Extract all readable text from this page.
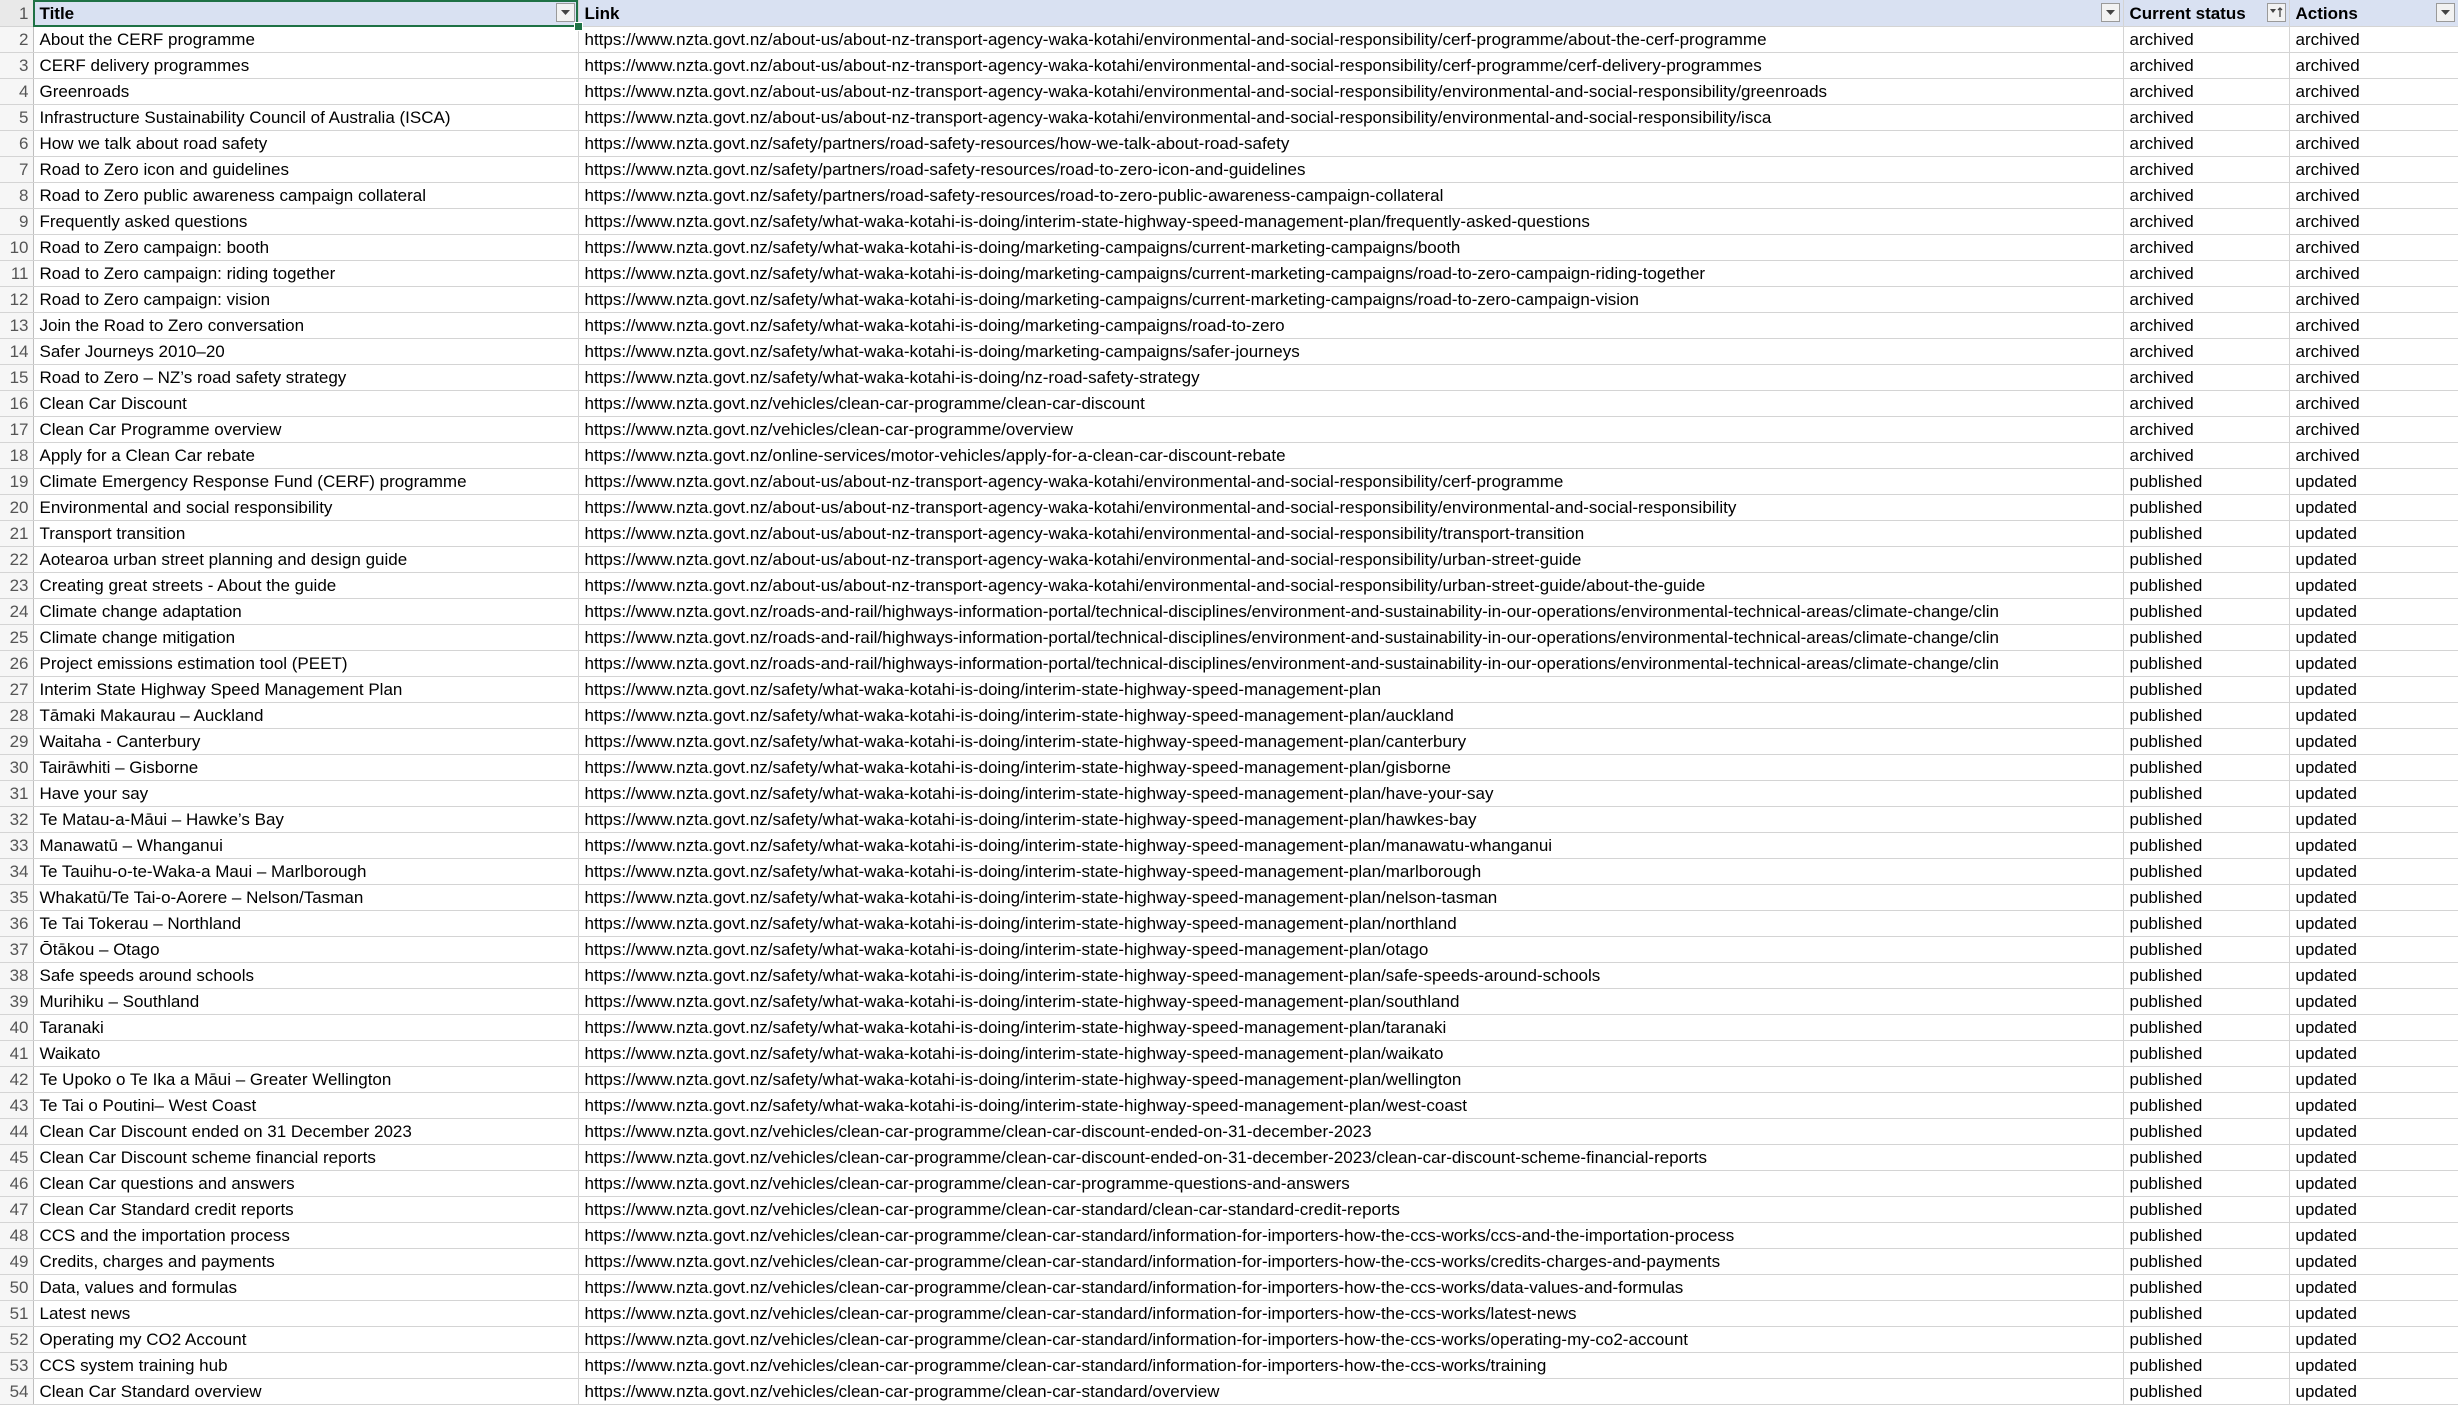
1	Title	Link	Current status	Actions

2	About the CERF programme	https://www.nzta.govt.nz/about-us/about-nz-transport-agency-waka-kotahi/environmental-and-social-responsibility/cerf-programme/about-the-cerf-programme	archived	archived
3	CERF delivery programmes	https://www.nzta.govt.nz/about-us/about-nz-transport-agency-waka-kotahi/environmental-and-social-responsibility/cerf-programme/cerf-delivery-programmes	archived	archived
4	Greenroads	https://www.nzta.govt.nz/about-us/about-nz-transport-agency-waka-kotahi/environmental-and-social-responsibility/environmental-and-social-responsibility/greenroads	archived	archived
5	Infrastructure Sustainability Council of Australia (ISCA)	https://www.nzta.govt.nz/about-us/about-nz-transport-agency-waka-kotahi/environmental-and-social-responsibility/environmental-and-social-responsibility/isca	archived	archived
6	How we talk about road safety	https://www.nzta.govt.nz/safety/partners/road-safety-resources/how-we-talk-about-road-safety	archived	archived
7	Road to Zero icon and guidelines	https://www.nzta.govt.nz/safety/partners/road-safety-resources/road-to-zero-icon-and-guidelines	archived	archived
8	Road to Zero public awareness campaign collateral	https://www.nzta.govt.nz/safety/partners/road-safety-resources/road-to-zero-public-awareness-campaign-collateral	archived	archived
9	Frequently asked questions	https://www.nzta.govt.nz/safety/what-waka-kotahi-is-doing/interim-state-highway-speed-management-plan/frequently-asked-questions	archived	archived
10	Road to Zero campaign: booth	https://www.nzta.govt.nz/safety/what-waka-kotahi-is-doing/marketing-campaigns/current-marketing-campaigns/booth	archived	archived
11	Road to Zero campaign: riding together	https://www.nzta.govt.nz/safety/what-waka-kotahi-is-doing/marketing-campaigns/current-marketing-campaigns/road-to-zero-campaign-riding-together	archived	archived
12	Road to Zero campaign: vision	https://www.nzta.govt.nz/safety/what-waka-kotahi-is-doing/marketing-campaigns/current-marketing-campaigns/road-to-zero-campaign-vision	archived	archived
13	Join the Road to Zero conversation	https://www.nzta.govt.nz/safety/what-waka-kotahi-is-doing/marketing-campaigns/road-to-zero	archived	archived
14	Safer Journeys 2010–20	https://www.nzta.govt.nz/safety/what-waka-kotahi-is-doing/marketing-campaigns/safer-journeys	archived	archived
15	Road to Zero – NZ’s road safety strategy	https://www.nzta.govt.nz/safety/what-waka-kotahi-is-doing/nz-road-safety-strategy	archived	archived
16	Clean Car Discount	https://www.nzta.govt.nz/vehicles/clean-car-programme/clean-car-discount	archived	archived
17	Clean Car Programme overview	https://www.nzta.govt.nz/vehicles/clean-car-programme/overview	archived	archived
18	Apply for a Clean Car rebate	https://www.nzta.govt.nz/online-services/motor-vehicles/apply-for-a-clean-car-discount-rebate	archived	archived
19	Climate Emergency Response Fund (CERF) programme	https://www.nzta.govt.nz/about-us/about-nz-transport-agency-waka-kotahi/environmental-and-social-responsibility/cerf-programme	published	updated
20	Environmental and social responsibility	https://www.nzta.govt.nz/about-us/about-nz-transport-agency-waka-kotahi/environmental-and-social-responsibility/environmental-and-social-responsibility	published	updated
21	Transport transition	https://www.nzta.govt.nz/about-us/about-nz-transport-agency-waka-kotahi/environmental-and-social-responsibility/transport-transition	published	updated
22	Aotearoa urban street planning and design guide	https://www.nzta.govt.nz/about-us/about-nz-transport-agency-waka-kotahi/environmental-and-social-responsibility/urban-street-guide	published	updated
23	Creating great streets - About the guide	https://www.nzta.govt.nz/about-us/about-nz-transport-agency-waka-kotahi/environmental-and-social-responsibility/urban-street-guide/about-the-guide	published	updated
24	Climate change adaptation	https://www.nzta.govt.nz/roads-and-rail/highways-information-portal/technical-disciplines/environment-and-sustainability-in-our-operations/environmental-technical-areas/climate-change/clin	published	updated
25	Climate change mitigation	https://www.nzta.govt.nz/roads-and-rail/highways-information-portal/technical-disciplines/environment-and-sustainability-in-our-operations/environmental-technical-areas/climate-change/clin	published	updated
26	Project emissions estimation tool (PEET)	https://www.nzta.govt.nz/roads-and-rail/highways-information-portal/technical-disciplines/environment-and-sustainability-in-our-operations/environmental-technical-areas/climate-change/clin	published	updated
27	Interim State Highway Speed Management Plan	https://www.nzta.govt.nz/safety/what-waka-kotahi-is-doing/interim-state-highway-speed-management-plan	published	updated
28	Tāmaki Makaurau – Auckland	https://www.nzta.govt.nz/safety/what-waka-kotahi-is-doing/interim-state-highway-speed-management-plan/auckland	published	updated
29	Waitaha - Canterbury	https://www.nzta.govt.nz/safety/what-waka-kotahi-is-doing/interim-state-highway-speed-management-plan/canterbury	published	updated
30	Tairāwhiti – Gisborne	https://www.nzta.govt.nz/safety/what-waka-kotahi-is-doing/interim-state-highway-speed-management-plan/gisborne	published	updated
31	Have your say	https://www.nzta.govt.nz/safety/what-waka-kotahi-is-doing/interim-state-highway-speed-management-plan/have-your-say	published	updated
32	Te Matau-a-Māui – Hawke’s Bay	https://www.nzta.govt.nz/safety/what-waka-kotahi-is-doing/interim-state-highway-speed-management-plan/hawkes-bay	published	updated
33	Manawatū – Whanganui	https://www.nzta.govt.nz/safety/what-waka-kotahi-is-doing/interim-state-highway-speed-management-plan/manawatu-whanganui	published	updated
34	Te Tauihu-o-te-Waka-a Maui – Marlborough	https://www.nzta.govt.nz/safety/what-waka-kotahi-is-doing/interim-state-highway-speed-management-plan/marlborough	published	updated
35	Whakatū/Te Tai-o-Aorere – Nelson/Tasman	https://www.nzta.govt.nz/safety/what-waka-kotahi-is-doing/interim-state-highway-speed-management-plan/nelson-tasman	published	updated
36	Te Tai Tokerau – Northland	https://www.nzta.govt.nz/safety/what-waka-kotahi-is-doing/interim-state-highway-speed-management-plan/northland	published	updated
37	Ōtākou – Otago	https://www.nzta.govt.nz/safety/what-waka-kotahi-is-doing/interim-state-highway-speed-management-plan/otago	published	updated
38	Safe speeds around schools	https://www.nzta.govt.nz/safety/what-waka-kotahi-is-doing/interim-state-highway-speed-management-plan/safe-speeds-around-schools	published	updated
39	Murihiku – Southland	https://www.nzta.govt.nz/safety/what-waka-kotahi-is-doing/interim-state-highway-speed-management-plan/southland	published	updated
40	Taranaki	https://www.nzta.govt.nz/safety/what-waka-kotahi-is-doing/interim-state-highway-speed-management-plan/taranaki	published	updated
41	Waikato	https://www.nzta.govt.nz/safety/what-waka-kotahi-is-doing/interim-state-highway-speed-management-plan/waikato	published	updated
42	Te Upoko o Te Ika a Māui – Greater Wellington	https://www.nzta.govt.nz/safety/what-waka-kotahi-is-doing/interim-state-highway-speed-management-plan/wellington	published	updated
43	Te Tai o Poutini– West Coast	https://www.nzta.govt.nz/safety/what-waka-kotahi-is-doing/interim-state-highway-speed-management-plan/west-coast	published	updated
44	Clean Car Discount ended on 31 December 2023	https://www.nzta.govt.nz/vehicles/clean-car-programme/clean-car-discount-ended-on-31-december-2023	published	updated
45	Clean Car Discount scheme financial reports	https://www.nzta.govt.nz/vehicles/clean-car-programme/clean-car-discount-ended-on-31-december-2023/clean-car-discount-scheme-financial-reports	published	updated
46	Clean Car questions and answers	https://www.nzta.govt.nz/vehicles/clean-car-programme/clean-car-programme-questions-and-answers	published	updated
47	Clean Car Standard credit reports	https://www.nzta.govt.nz/vehicles/clean-car-programme/clean-car-standard/clean-car-standard-credit-reports	published	updated
48	CCS and the importation process	https://www.nzta.govt.nz/vehicles/clean-car-programme/clean-car-standard/information-for-importers-how-the-ccs-works/ccs-and-the-importation-process	published	updated
49	Credits, charges and payments	https://www.nzta.govt.nz/vehicles/clean-car-programme/clean-car-standard/information-for-importers-how-the-ccs-works/credits-charges-and-payments	published	updated
50	Data, values and formulas	https://www.nzta.govt.nz/vehicles/clean-car-programme/clean-car-standard/information-for-importers-how-the-ccs-works/data-values-and-formulas	published	updated
51	Latest news	https://www.nzta.govt.nz/vehicles/clean-car-programme/clean-car-standard/information-for-importers-how-the-ccs-works/latest-news	published	updated
52	Operating my CO2 Account	https://www.nzta.govt.nz/vehicles/clean-car-programme/clean-car-standard/information-for-importers-how-the-ccs-works/operating-my-co2-account	published	updated
53	CCS system training hub	https://www.nzta.govt.nz/vehicles/clean-car-programme/clean-car-standard/information-for-importers-how-the-ccs-works/training	published	updated
54	Clean Car Standard overview	https://www.nzta.govt.nz/vehicles/clean-car-programme/clean-car-standard/overview	published	updated
